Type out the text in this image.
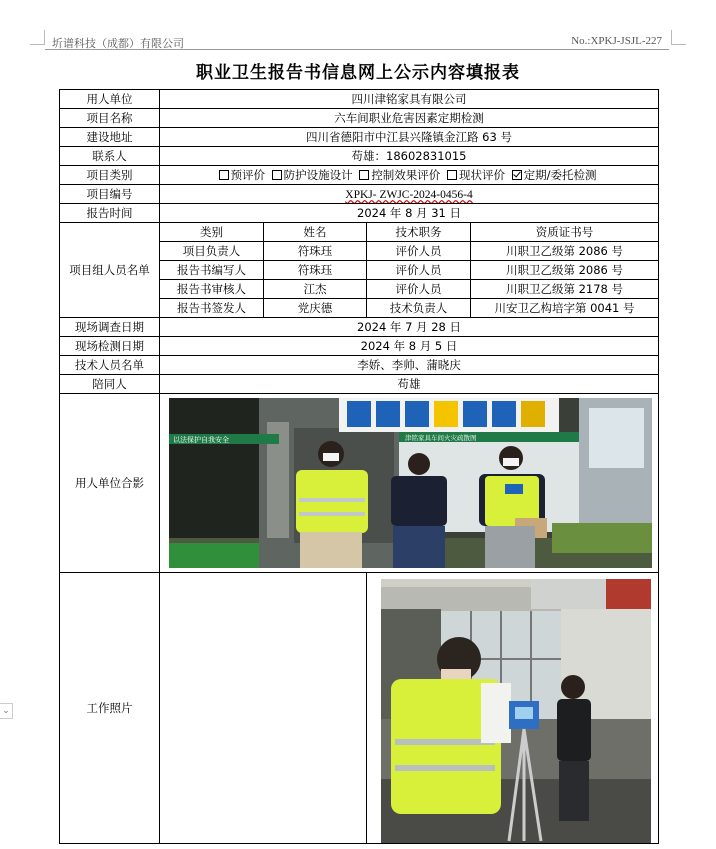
圻谱科技（成都）有限公司	No.:XPKJ-JSJL-227
⌄
职业卫生报告书信息网上公示内容填报表
用人单位	四川津铭家具有限公司			
项目名称	六车间职业危害因素定期检测			
建设地址	四川省德阳市中江县兴隆镇金江路 63 号			
联系人	苟雄：18602831015			
项目类别	预评价 防护设施设计 控制效果评价 现状评价 定期/委托检测			
项目编号	XPKJ- ZWJC-2024-0456-4			
报告时间	2024 年 8 月 31 日			
项目组人员名单	类别	姓名	技术职务	资质证书号
	项目负责人	符珠珏	评价人员	川职卫乙级第 2086 号
	报告书编写人	符珠珏	评价人员	川职卫乙级第 2086 号
	报告书审核人	江杰	评价人员	川职卫乙级第 2178 号
	报告书签发人	党庆德	技术负责人	川安卫乙构培字第 0041 号
现场调查日期	2024 年 7 月 28 日			
现场检测日期	2024 年 8 月 5 日			
技术人员名单	李娇、李帅、蒲晓庆			
陪同人	苟雄			
用人单位合影	以法保护自我安全 津铭家具车间火灾疏散图			

工作照片		
